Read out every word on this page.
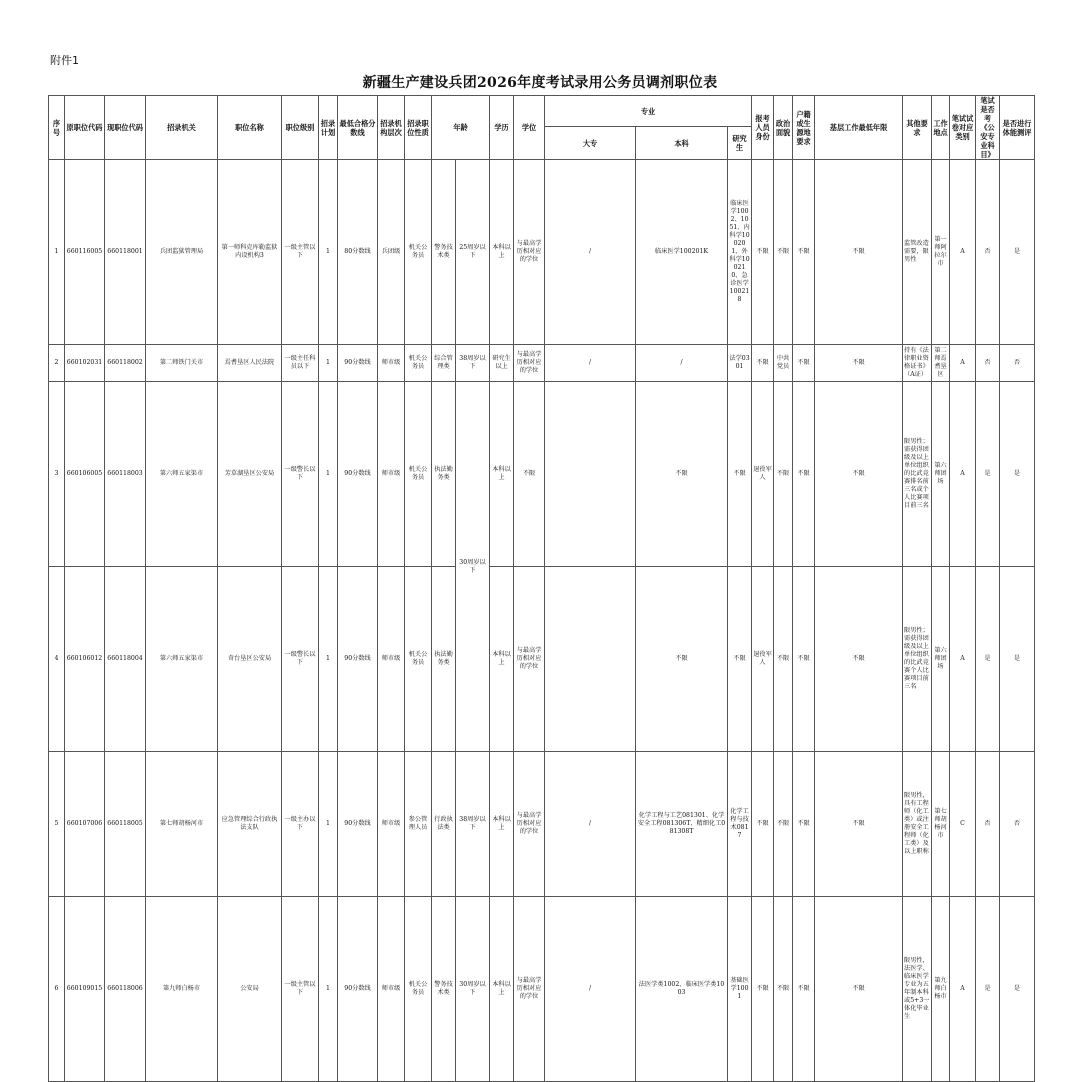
附件1
新疆生产建设兵团2026年度考试录用公务员调剂职位表
序号	原职位代码	现职位代码	招录机关	职位名称	职位级别	招录计划	最低合格分数线	招录机构层次	招录职位性质	年龄		学历	学位	专业			报考人员身份	政治面貌	户籍或生源地要求	基层工作最低年限	其他要求	工作地点	笔试试卷对应类别	笔试是否考《公安专业科目》	是否进行体能测评	
														大专	本科	研究生										
1	660116005	660118001	兵团监狱管理局	第一师科克库勒监狱内设机构3	一级主管以下	1	80分数线	兵团级	机关公务员	警务技术类	25周岁以下	本科以上	与最高学历相对应的学位	/	临床医学100201K	临床医学1002、1051、内科学100201、外科学100210、急诊医学100218	不限	不限	不限	不限	监管改造需要，限男性	第一师阿拉尔市	A	否	是	
2	660102031	660118002	第二师铁门关市	焉耆垦区人民法院	一级主任科员以下	1	90分数线	师市级	机关公务员	综合管理类	38周岁以下	研究生以上	与最高学历相对应的学位	/	/	法学0301	不限	中共党员	不限	不限	持有《法律职业资格证书》（A证）	第二师焉耆垦区	A	否	否	
3	660106005	660118003	第六师五家渠市	芳草湖垦区公安局	一级警长以下	1	90分数线	师市级	机关公务员	执法勤务类	30周岁以下	本科以上	不限		不限	不限	退役军人	不限	不限	不限	限男性；需获得团级及以上单位组织的比武竞赛排名前三名或个人比赛项目前三名	第六师团场	A	是	是	
4	660106012	660118004	第六师五家渠市	奇台垦区公安局	一级警长以下	1	90分数线	师市级	机关公务员	执法勤务类		本科以上	与最高学历相对应的学位		不限	不限	退役军人	不限	不限	不限	限男性；需获得团级及以上单位组织的比武竞赛个人比赛项目前三名	第六师团场	A	是	是	
5	660107006	660118005	第七师胡杨河市	应急管理综合行政执法支队	一级主办以下	1	90分数线	师市级	参公管理人员	行政执法类	38周岁以下	本科以上	与最高学历相对应的学位	/	化学工程与工艺081301、化学安全工程081306T、精细化工081308T	化学工程与技术0817	不限	不限	不限	不限	限男性，具有工程师（化工类）或注册安全工程师（化工类）及以上职称	第七师胡杨河市	C	否	否	
6	660109015	660118006	第九师白杨市	公安局	一级主管以下	1	90分数线	师市级	机关公务员	警务技术类	30周岁以下	本科以上	与最高学历相对应的学位	/	法医学类1002、临床医学类1003	基础医学1001	不限	不限	不限	不限	限男性，法医学、临床医学专业为五年制本科或5+3一体化毕业生	第九师白杨市	A	是	是	
